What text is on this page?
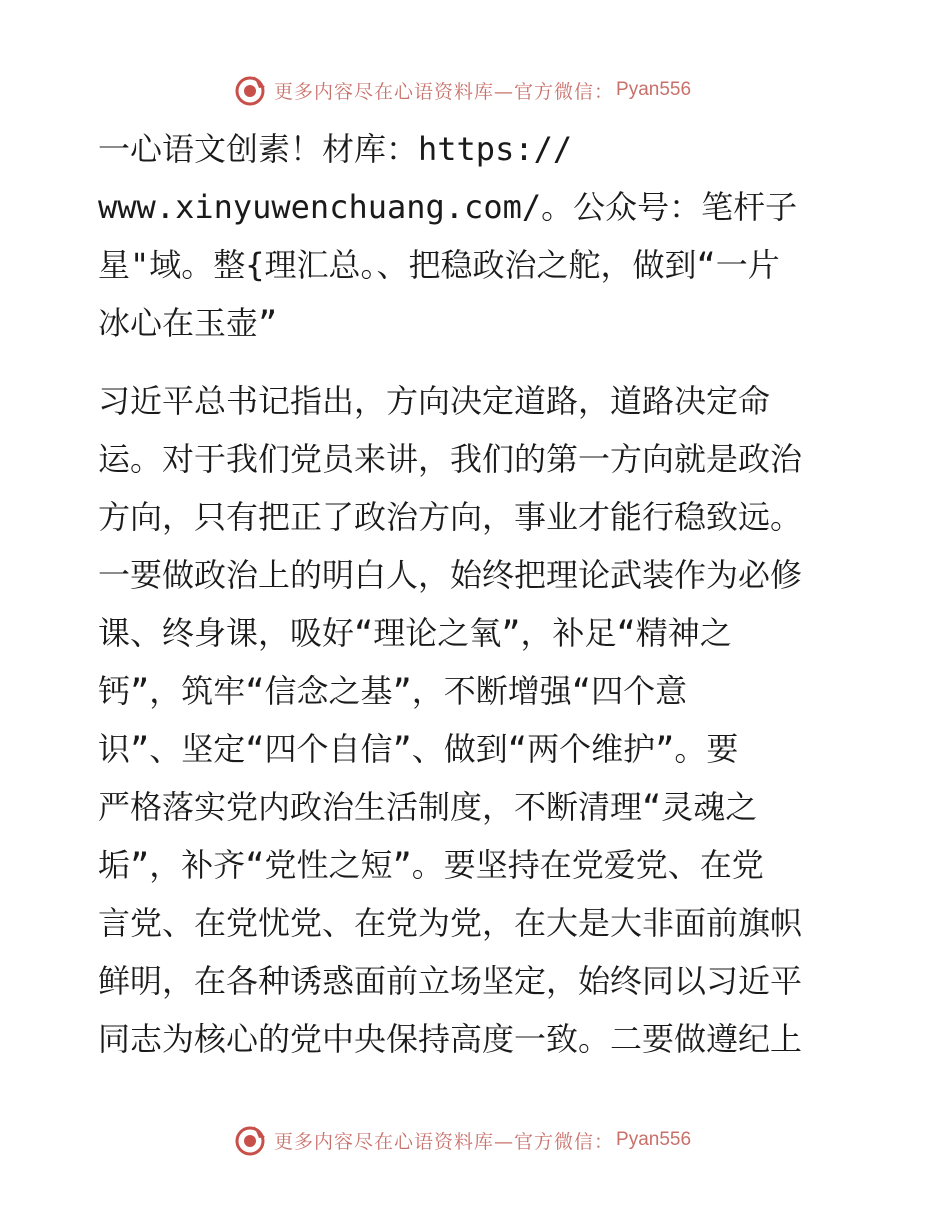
更多内容尽在心语资料库—官方微信： Pyan556
一心语文创素！材库：https://
www.xinyuwenchuang.com/。公众号：笔杆子
星"域。整{理汇总。、把稳政治之舵，做到“一片
冰心在玉壶”
习近平总书记指出，方向决定道路，道路决定命
运。对于我们党员来讲，我们的第一方向就是政治
方向，只有把正了政治方向，事业才能行稳致远。
一要做政治上的明白人，始终把理论武装作为必修
课、终身课，吸好“理论之氧”，补足“精神之
钙”，筑牢“信念之基”，不断增强“四个意
识”、坚定“四个自信”、做到“两个维护”。要
严格落实党内政治生活制度，不断清理“灵魂之
垢”，补齐“党性之短”。要坚持在党爱党、在党
言党、在党忧党、在党为党，在大是大非面前旗帜
鲜明，在各种诱惑面前立场坚定，始终同以习近平
同志为核心的党中央保持高度一致。二要做遵纪上
更多内容尽在心语资料库—官方微信： Pyan556
